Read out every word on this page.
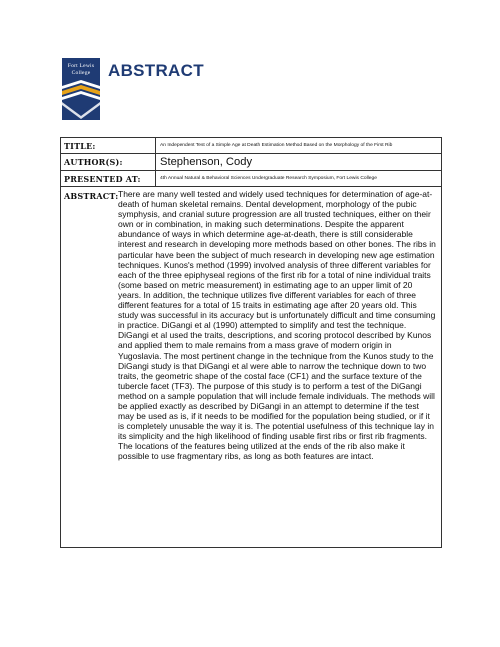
Fort Lewis
College	ABSTRACT
TITLE:	An Independent Test of a Simple Age at Death Estimation Method Based on the Morphology of the First Rib
AUTHOR(S):	Stephenson, Cody
PRESENTED AT:	4th Annual Natural & Behavioral Sciences Undergraduate Research Symposium, Fort Lewis College
ABSTRACT: There are many well tested and widely used techniques for determination of age-at-death of human skeletal remains. Dental development, morphology of the pubic symphysis, and cranial suture progression are all trusted techniques, either on their own or in combination, in making such determinations. Despite the apparent abundance of ways in which determine age-at-death, there is still considerable interest and research in developing more methods based on other bones. The ribs in particular have been the subject of much research in developing new age estimation techniques. Kunos's method (1999) involved analysis of three different variables for each of the three epiphyseal regions of the first rib for a total of nine individual traits (some based on metric measurement) in estimating age to an upper limit of 20 years. In addition, the technique utilizes five different variables for each of three different features for a total of 15 traits in estimating age after 20 years old. This study was successful in its accuracy but is unfortunately difficult and time consuming in practice. DiGangi et al (1990) attempted to simplify and test the technique. DiGangi et al used the traits, descriptions, and scoring protocol described by Kunos and applied them to male remains from a mass grave of modern origin in Yugoslavia. The most pertinent change in the technique from the Kunos study to the DiGangi study is that DiGangi et al were able to narrow the technique down to two traits, the geometric shape of the costal face (CF1) and the surface texture of the tubercle facet (TF3). The purpose of this study is to perform a test of the DiGangi method on a sample population that will include female individuals. The methods will be applied exactly as described by DiGangi in an attempt to determine if the test may be used as is, if it needs to be modified for the population being studied, or if it is completely unusable the way it is. The potential usefulness of this technique lay in its simplicity and the high likelihood of finding usable first ribs or first rib fragments. The locations of the features being utilized at the ends of the rib also make it possible to use fragmentary ribs, as long as both features are intact.
